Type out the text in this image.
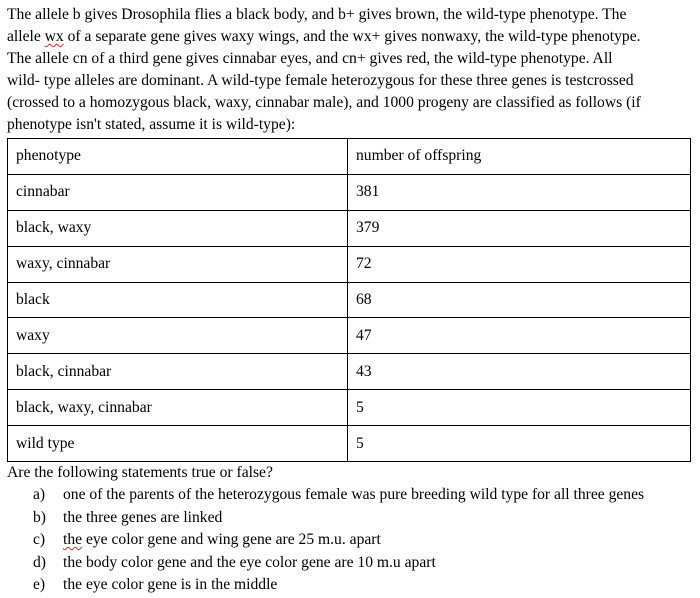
The allele b gives Drosophila flies a black body, and b+ gives brown, the wild-type phenotype. The
allele wx of a separate gene gives waxy wings, and the wx+ gives nonwaxy, the wild-type phenotype.
The allele cn of a third gene gives cinnabar eyes, and cn+ gives red, the wild-type phenotype. All
wild- type alleles are dominant. A wild-type female heterozygous for these three genes is testcrossed
(crossed to a homozygous black, waxy, cinnabar male), and 1000 progeny are classified as follows (if
phenotype isn't stated, assume it is wild-type):
phenotype	number of offspring
cinnabar	381
black, waxy	379
waxy, cinnabar	72
black	68
waxy	47
black, cinnabar	43
black, waxy, cinnabar	5
wild type	5

Are the following statements true or false?

a) one of the parents of the heterozygous female was pure breeding wild type for all three genes
b) the three genes are linked
c) the eye color gene and wing gene are 25 m.u. apart
d) the body color gene and the eye color gene are 10 m.u apart
e) the eye color gene is in the middle
